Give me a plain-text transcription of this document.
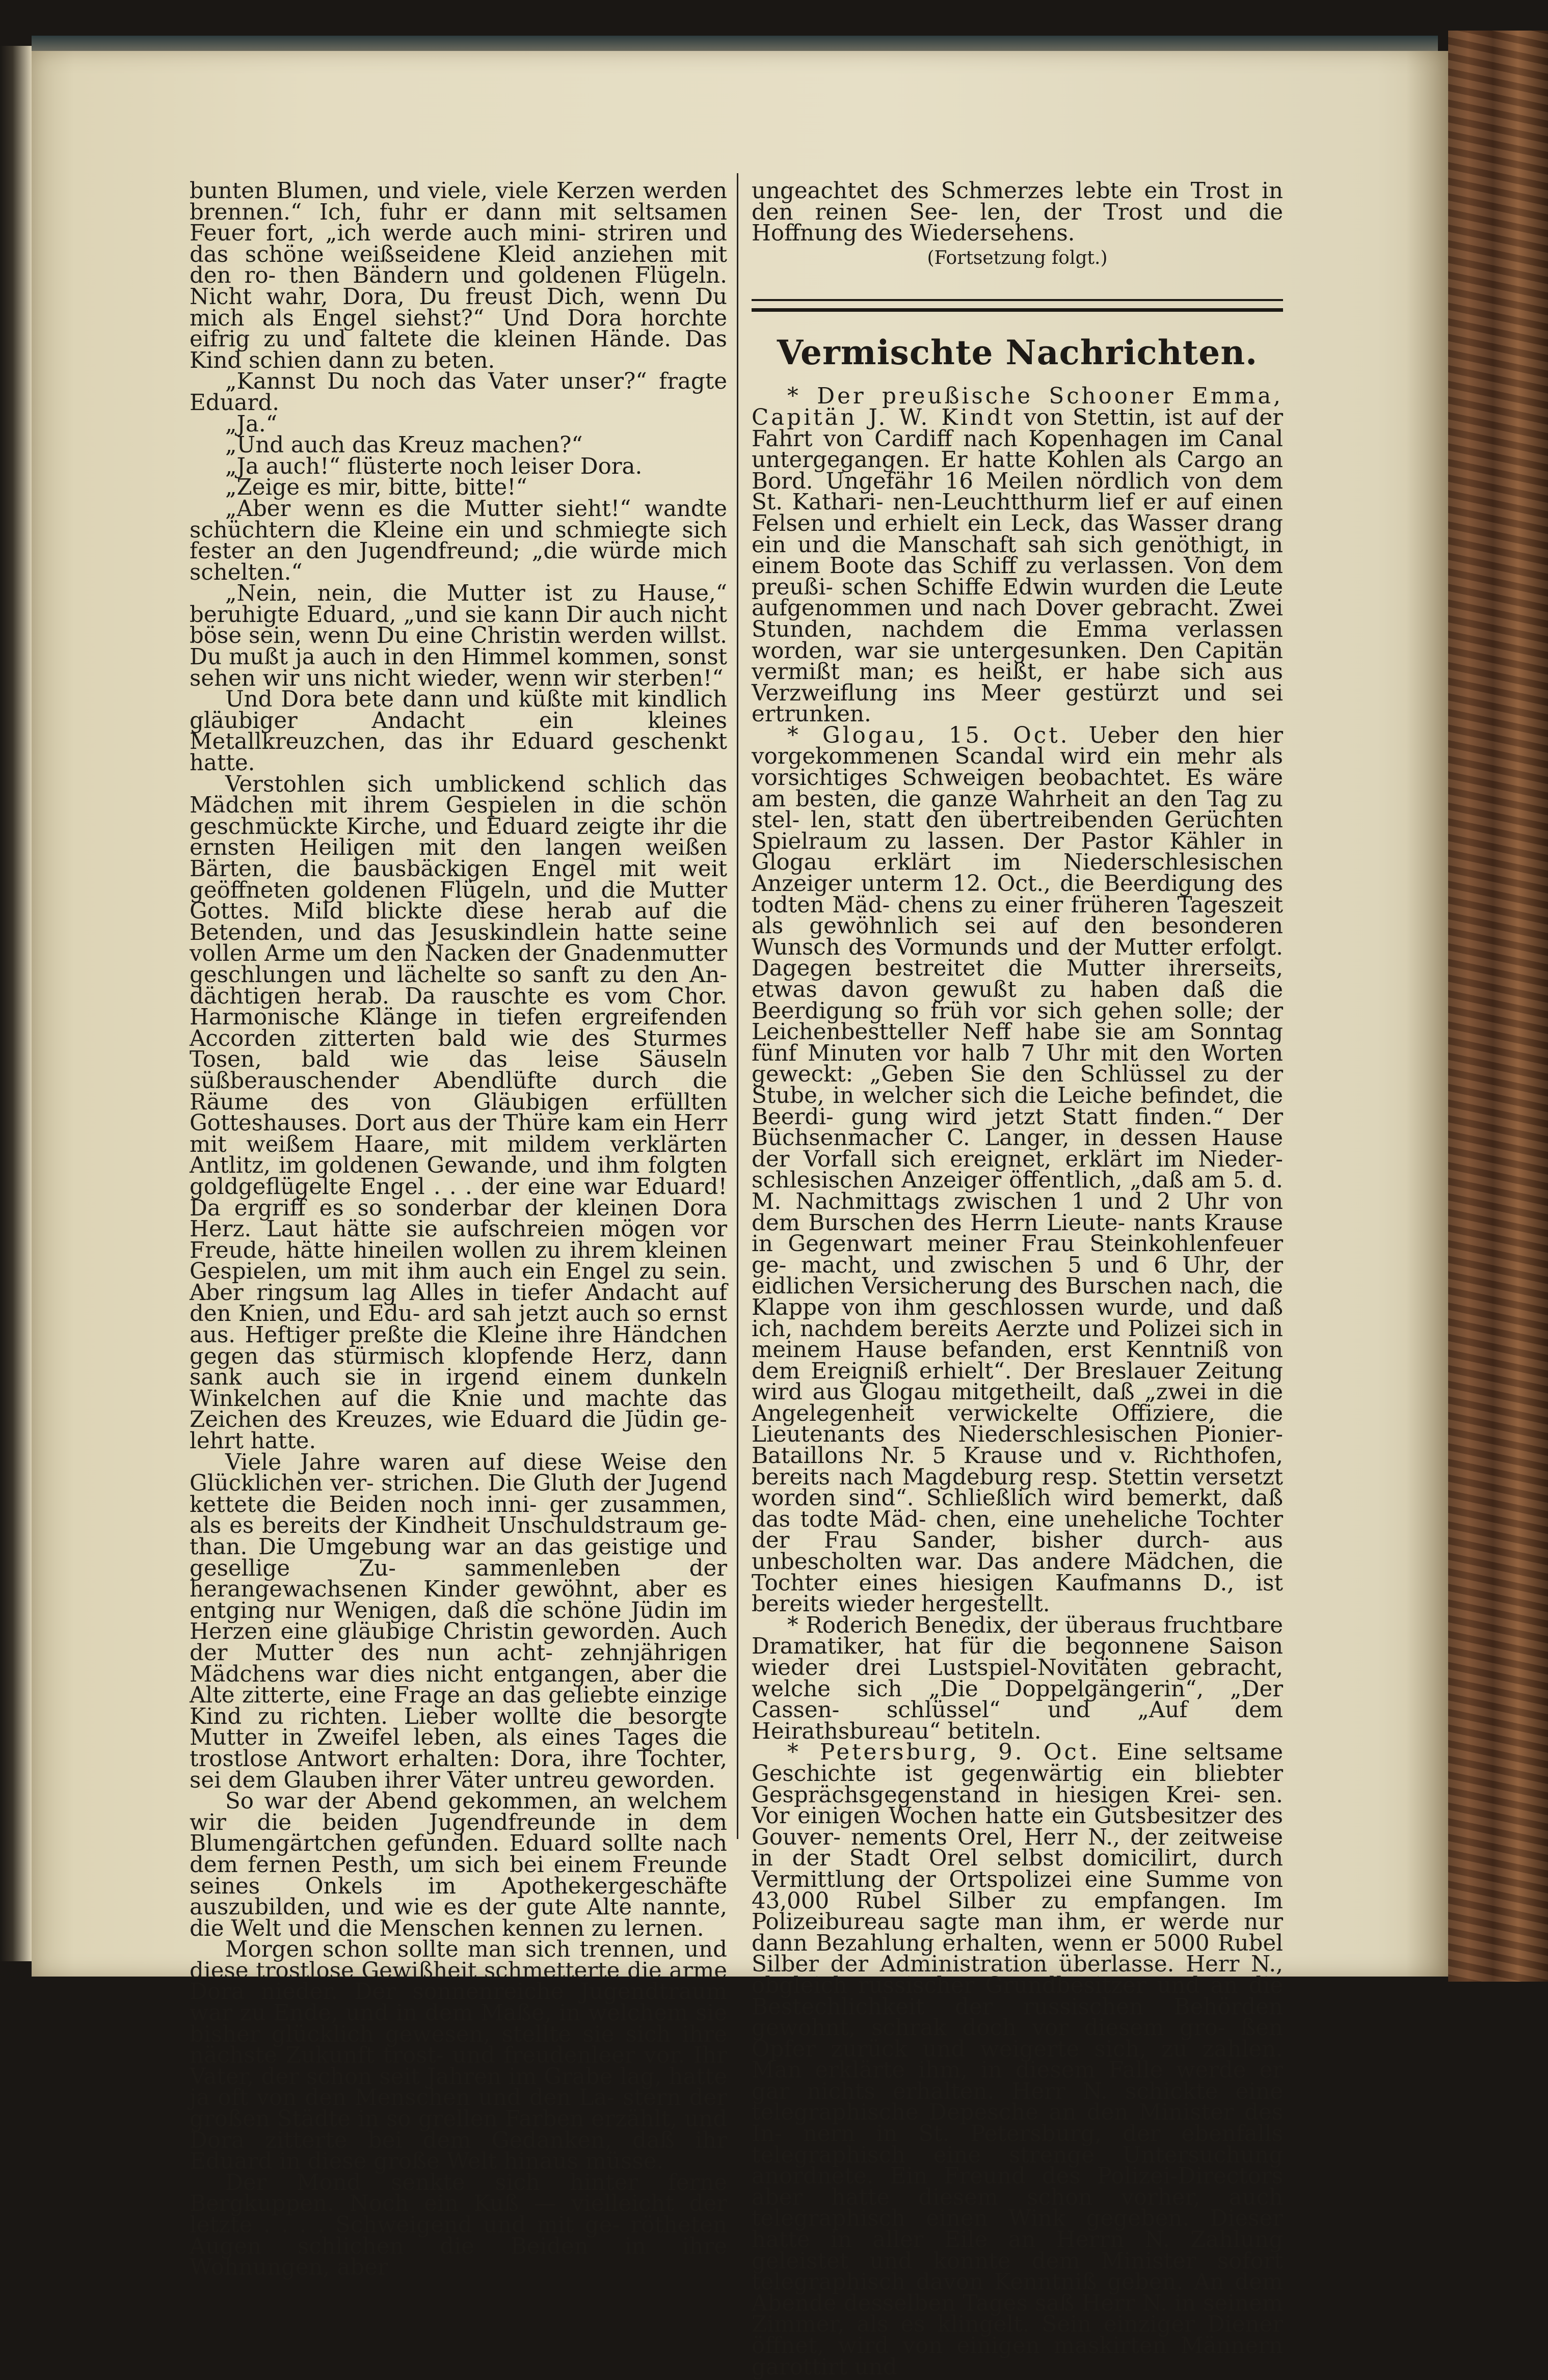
bunten Blumen, und viele, viele Kerzen werden brennen.“ Ich, fuhr er dann mit seltsamen Feuer fort, „ich werde auch mini- striren und das schöne weißseidene Kleid anziehen mit den ro- then Bändern und goldenen Flügeln. Nicht wahr, Dora, Du freust Dich, wenn Du mich als Engel siehst?“ Und Dora horchte eifrig zu und faltete die kleinen Hände. Das Kind schien dann zu beten.

„Kannst Du noch das Vater unser?“ fragte Eduard.

„Ja.“

„Und auch das Kreuz machen?“

„Ja auch!“ flüsterte noch leiser Dora.

„Zeige es mir, bitte, bitte!“

„Aber wenn es die Mutter sieht!“ wandte schüchtern die Kleine ein und schmiegte sich fester an den Jugendfreund; „die würde mich schelten.“

„Nein, nein, die Mutter ist zu Hause,“ beruhigte Eduard, „und sie kann Dir auch nicht böse sein, wenn Du eine Christin werden willst. Du mußt ja auch in den Himmel kommen, sonst sehen wir uns nicht wieder, wenn wir sterben!“

Und Dora bete dann und küßte mit kindlich gläubiger Andacht ein kleines Metallkreuzchen, das ihr Eduard geschenkt hatte.

Verstohlen sich umblickend schlich das Mädchen mit ihrem Gespielen in die schön geschmückte Kirche, und Eduard zeigte ihr die ernsten Heiligen mit den langen weißen Bärten, die bausbäckigen Engel mit weit geöffneten goldenen Flügeln, und die Mutter Gottes. Mild blickte diese herab auf die Betenden, und das Jesuskindlein hatte seine vollen Arme um den Nacken der Gnadenmutter geschlungen und lächelte so sanft zu den An- dächtigen herab. Da rauschte es vom Chor. Harmonische Klänge in tiefen ergreifenden Accorden zitterten bald wie des Sturmes Tosen, bald wie das leise Säuseln süßberauschender Abendlüfte durch die Räume des von Gläubigen erfüllten Gotteshauses. Dort aus der Thüre kam ein Herr mit weißem Haare, mit mildem verklärten Antlitz, im goldenen Gewande, und ihm folgten goldgeflügelte Engel . . . der eine war Eduard! Da ergriff es so sonderbar der kleinen Dora Herz. Laut hätte sie aufschreien mögen vor Freude, hätte hineilen wollen zu ihrem kleinen Gespielen, um mit ihm auch ein Engel zu sein. Aber ringsum lag Alles in tiefer Andacht auf den Knien, und Edu- ard sah jetzt auch so ernst aus. Heftiger preßte die Kleine ihre Händchen gegen das stürmisch klopfende Herz, dann sank auch sie in irgend einem dunkeln Winkelchen auf die Knie und machte das Zeichen des Kreuzes, wie Eduard die Jüdin ge- lehrt hatte.

Viele Jahre waren auf diese Weise den Glücklichen ver- strichen. Die Gluth der Jugend kettete die Beiden noch inni- ger zusammen, als es bereits der Kindheit Unschuldstraum ge- than. Die Umgebung war an das geistige und gesellige Zu- sammenleben der herangewachsenen Kinder gewöhnt, aber es entging nur Wenigen, daß die schöne Jüdin im Herzen eine gläubige Christin geworden. Auch der Mutter des nun acht- zehnjährigen Mädchens war dies nicht entgangen, aber die Alte zitterte, eine Frage an das geliebte einzige Kind zu richten. Lieber wollte die besorgte Mutter in Zweifel leben, als eines Tages die trostlose Antwort erhalten: Dora, ihre Tochter, sei dem Glauben ihrer Väter untreu geworden.

So war der Abend gekommen, an welchem wir die beiden Jugendfreunde in dem Blumengärtchen gefunden. Eduard sollte nach dem fernen Pesth, um sich bei einem Freunde seines Onkels im Apothekergeschäfte auszubilden, und wie es der gute Alte nannte, die Welt und die Menschen kennen zu lernen.

Morgen schon sollte man sich trennen, und diese trostlose Gewißheit schmetterte die arme Dora nieder. Der sonnenreiche Jugendtraum war zu Ende, und in dem Maße, in welchem sie bisher glücklich gewesen, stellte sie sich ihre nächste Zukunft trost- und freudenleer vor. Ihr Vater, der schon seit Jahren im Grabe lag, hatte ja oft von den Menschen und den La- stern der großen Städte in so grellen Farben erzählt, und Dora zitterte bei dem Gedanken, daß ihr Eduard in diese große Welt hinaus müsse.

Der Mond senkte sich hinter ferne Bergkuppen. Noch ein Kuß — vielleicht der letzte . . . . Schweigend und mit ge- rötheten Augen schlichen die Beiden in ihre Wohnungen, aber

ungeachtet des Schmerzes lebte ein Trost in den reinen See- len, der Trost und die Hoffnung des Wiedersehens.

(Fortsetzung folgt.)

Vermischte Nachrichten.

* Der preußische Schooner Emma, Capitän J. W. Kindt von Stettin, ist auf der Fahrt von Cardiff nach Kopenhagen im Canal untergegangen. Er hatte Kohlen als Cargo an Bord. Ungefähr 16 Meilen nördlich von dem St. Kathari- nen-Leuchtthurm lief er auf einen Felsen und erhielt ein Leck, das Wasser drang ein und die Manschaft sah sich genöthigt, in einem Boote das Schiff zu verlassen. Von dem preußi- schen Schiffe Edwin wurden die Leute aufgenommen und nach Dover gebracht. Zwei Stunden, nachdem die Emma verlassen worden, war sie untergesunken. Den Capitän vermißt man; es heißt, er habe sich aus Verzweiflung ins Meer gestürzt und sei ertrunken.

* Glogau, 15. Oct. Ueber den hier vorgekommenen Scandal wird ein mehr als vorsichtiges Schweigen beobachtet. Es wäre am besten, die ganze Wahrheit an den Tag zu stel- len, statt den übertreibenden Gerüchten Spielraum zu lassen. Der Pastor Kähler in Glogau erklärt im Niederschlesischen Anzeiger unterm 12. Oct., die Beerdigung des todten Mäd- chens zu einer früheren Tageszeit als gewöhnlich sei auf den besonderen Wunsch des Vormunds und der Mutter erfolgt. Dagegen bestreitet die Mutter ihrerseits, etwas davon gewußt zu haben daß die Beerdigung so früh vor sich gehen solle; der Leichenbestteller Neff habe sie am Sonntag fünf Minuten vor halb 7 Uhr mit den Worten geweckt: „Geben Sie den Schlüssel zu der Stube, in welcher sich die Leiche befindet, die Beerdi- gung wird jetzt Statt finden.“ Der Büchsenmacher C. Langer, in dessen Hause der Vorfall sich ereignet, erklärt im Nieder- schlesischen Anzeiger öffentlich, „daß am 5. d. M. Nachmittags zwischen 1 und 2 Uhr von dem Burschen des Herrn Lieute- nants Krause in Gegenwart meiner Frau Steinkohlenfeuer ge- macht, und zwischen 5 und 6 Uhr, der eidlichen Versicherung des Burschen nach, die Klappe von ihm geschlossen wurde, und daß ich, nachdem bereits Aerzte und Polizei sich in meinem Hause befanden, erst Kenntniß von dem Ereigniß erhielt“. Der Breslauer Zeitung wird aus Glogau mitgetheilt, daß „zwei in die Angelegenheit verwickelte Offiziere, die Lieutenants des Niederschlesischen Pionier-Bataillons Nr. 5 Krause und v. Richthofen, bereits nach Magdeburg resp. Stettin versetzt worden sind“. Schließlich wird bemerkt, daß das todte Mäd- chen, eine uneheliche Tochter der Frau Sander, bisher durch- aus unbescholten war. Das andere Mädchen, die Tochter eines hiesigen Kaufmanns D., ist bereits wieder hergestellt.

* Roderich Benedix, der überaus fruchtbare Dramatiker, hat für die begonnene Saison wieder drei Lustspiel-Novitäten gebracht, welche sich „Die Doppelgängerin“, „Der Cassen- schlüssel“ und „Auf dem Heirathsbureau“ betiteln.

* Petersburg, 9. Oct. Eine seltsame Geschichte ist gegenwärtig ein bliebter Gesprächsgegenstand in hiesigen Krei- sen. Vor einigen Wochen hatte ein Gutsbesitzer des Gouver- nements Orel, Herr N., der zeitweise in der Stadt Orel selbst domicilirt, durch Vermittlung der Ortspolizei eine Summe von 43,000 Rubel Silber zu empfangen. Im Polizeibureau sagte man ihm, er werde nur dann Bezahlung erhalten, wenn er 5000 Rubel Silber der Administration überlasse. Herr N., obgleich russischer Grundbesitzer und an die Bestechlichkeit der russischen Behörden gewohnt, schrak doch vor diesem gro- ßen Opfer zurück und weigerte sich, zu zahlen. Man erklärte ihm, in diesem Falle werde er gar nichts erhalten. Herr N. schickte eine telegraphische Depesche an den Minister des In- nern in St. Petersburg, der ebenfalls telegraphisch eine strenge Untersuchung anordnete. Ein Freund des Polizei-Directors aber hatte diesem schon vorher, auch telegraphisch einen Wink gegeben. Dieser hatte in aller Eile an Herrn N. Zahlung geleistet und konnte dem Minister sofort telegraphisch davon Kenntniß geben. An dem Abende desselben Tages saß Herr N. in seinem Zimmer, als es klingelt. Sein einziger Diener öffnet, wird von einigen maskirten Männern garottirt und
